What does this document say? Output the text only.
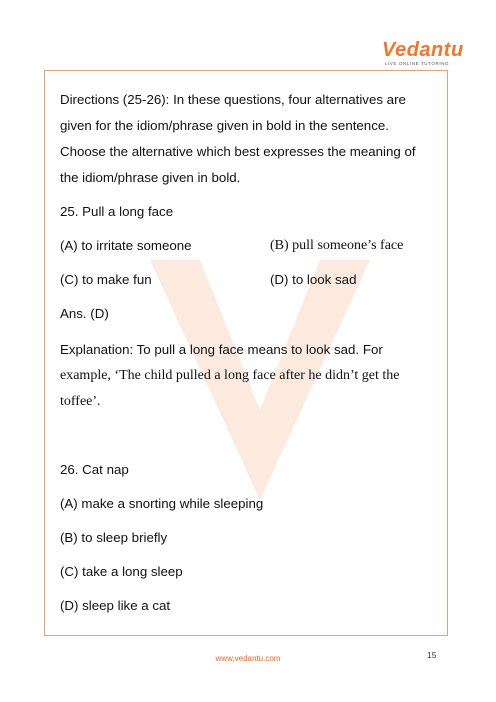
Vedantu
LIVE ONLINE TUTORING
Directions (25-26): In these questions, four alternatives are
given for the idiom/phrase given in bold in the sentence.
Choose the alternative which best expresses the meaning of
the idiom/phrase given in bold.
25. Pull a long face
(A) to irritate someone	(B) pull someone’s face
(C) to make fun	(D) to look sad
Ans. (D)
Explanation: To pull a long face means to look sad. For
example, ‘The child pulled a long face after he didn’t get the
toffee’.
26. Cat nap
(A) make a snorting while sleeping
(B) to sleep briefly
(C) take a long sleep
(D) sleep like a cat
www.vedantu.com	15
